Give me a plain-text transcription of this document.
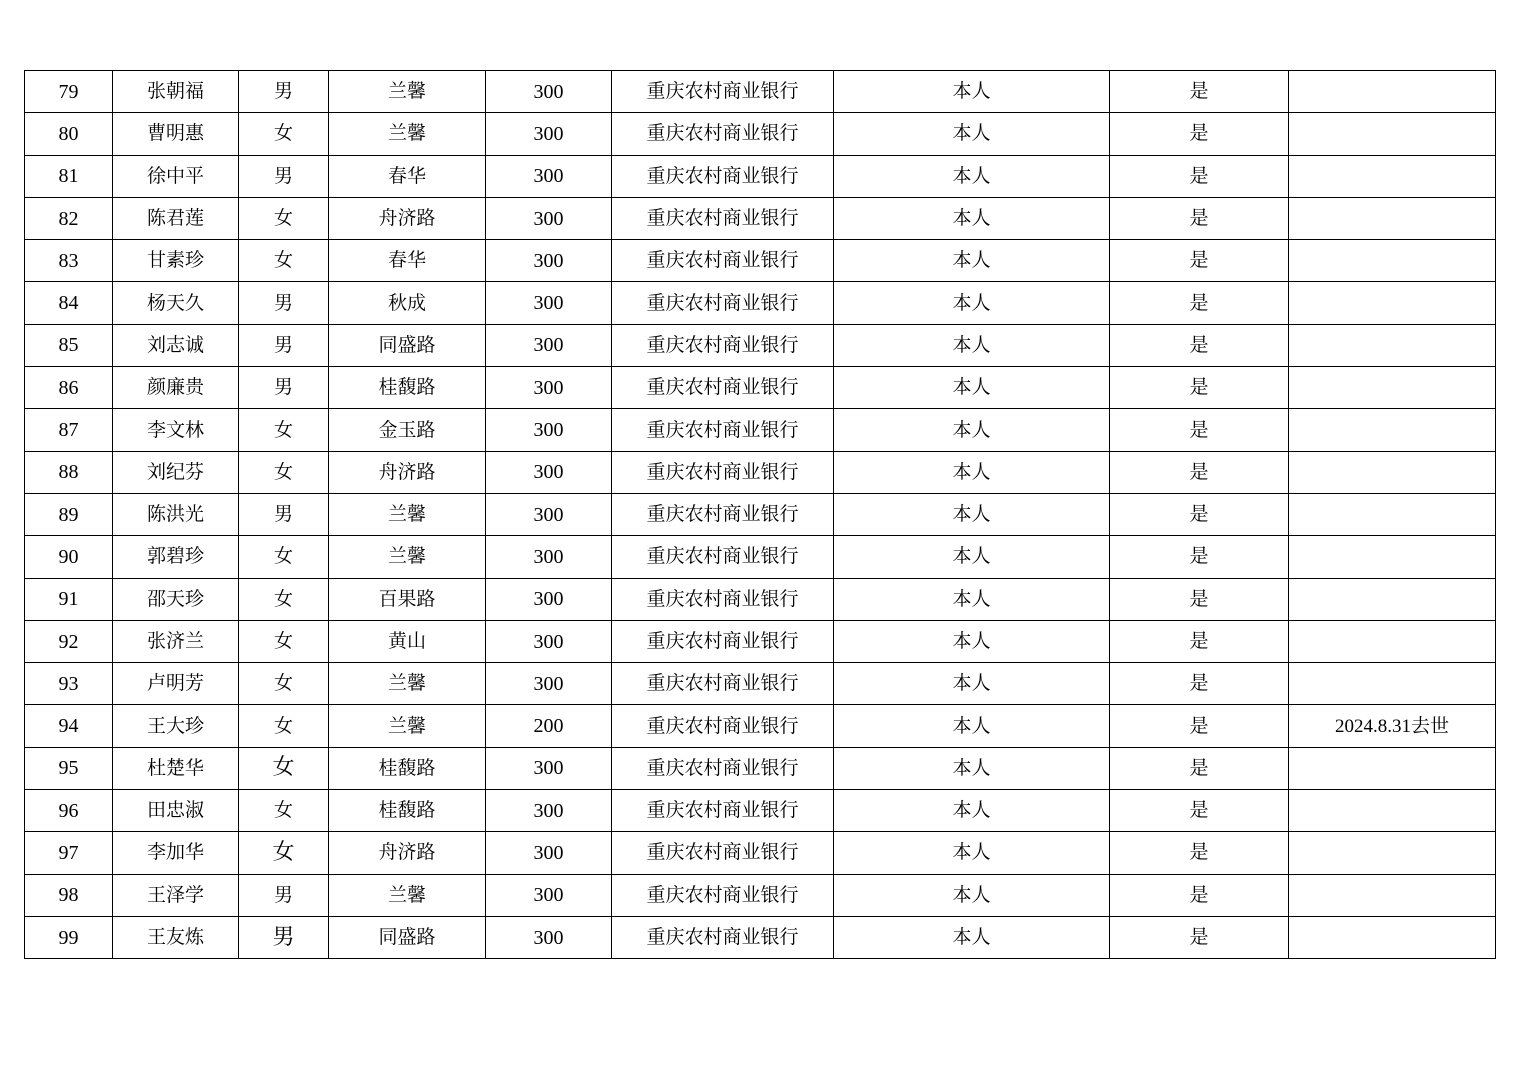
79	张朝福	男	兰馨	300	重庆农村商业银行	本人	是	
80	曹明惠	女	兰馨	300	重庆农村商业银行	本人	是	
81	徐中平	男	春华	300	重庆农村商业银行	本人	是	
82	陈君莲	女	舟济路	300	重庆农村商业银行	本人	是	
83	甘素珍	女	春华	300	重庆农村商业银行	本人	是	
84	杨天久	男	秋成	300	重庆农村商业银行	本人	是	
85	刘志诚	男	同盛路	300	重庆农村商业银行	本人	是	
86	颜廉贵	男	桂馥路	300	重庆农村商业银行	本人	是	
87	李文林	女	金玉路	300	重庆农村商业银行	本人	是	
88	刘纪芬	女	舟济路	300	重庆农村商业银行	本人	是	
89	陈洪光	男	兰馨	300	重庆农村商业银行	本人	是	
90	郭碧珍	女	兰馨	300	重庆农村商业银行	本人	是	
91	邵天珍	女	百果路	300	重庆农村商业银行	本人	是	
92	张济兰	女	黄山	300	重庆农村商业银行	本人	是	
93	卢明芳	女	兰馨	300	重庆农村商业银行	本人	是	
94	王大珍	女	兰馨	200	重庆农村商业银行	本人	是	2024.8.31去世
95	杜楚华	女	桂馥路	300	重庆农村商业银行	本人	是	
96	田忠淑	女	桂馥路	300	重庆农村商业银行	本人	是	
97	李加华	女	舟济路	300	重庆农村商业银行	本人	是	
98	王泽学	男	兰馨	300	重庆农村商业银行	本人	是	
99	王友炼	男	同盛路	300	重庆农村商业银行	本人	是	
